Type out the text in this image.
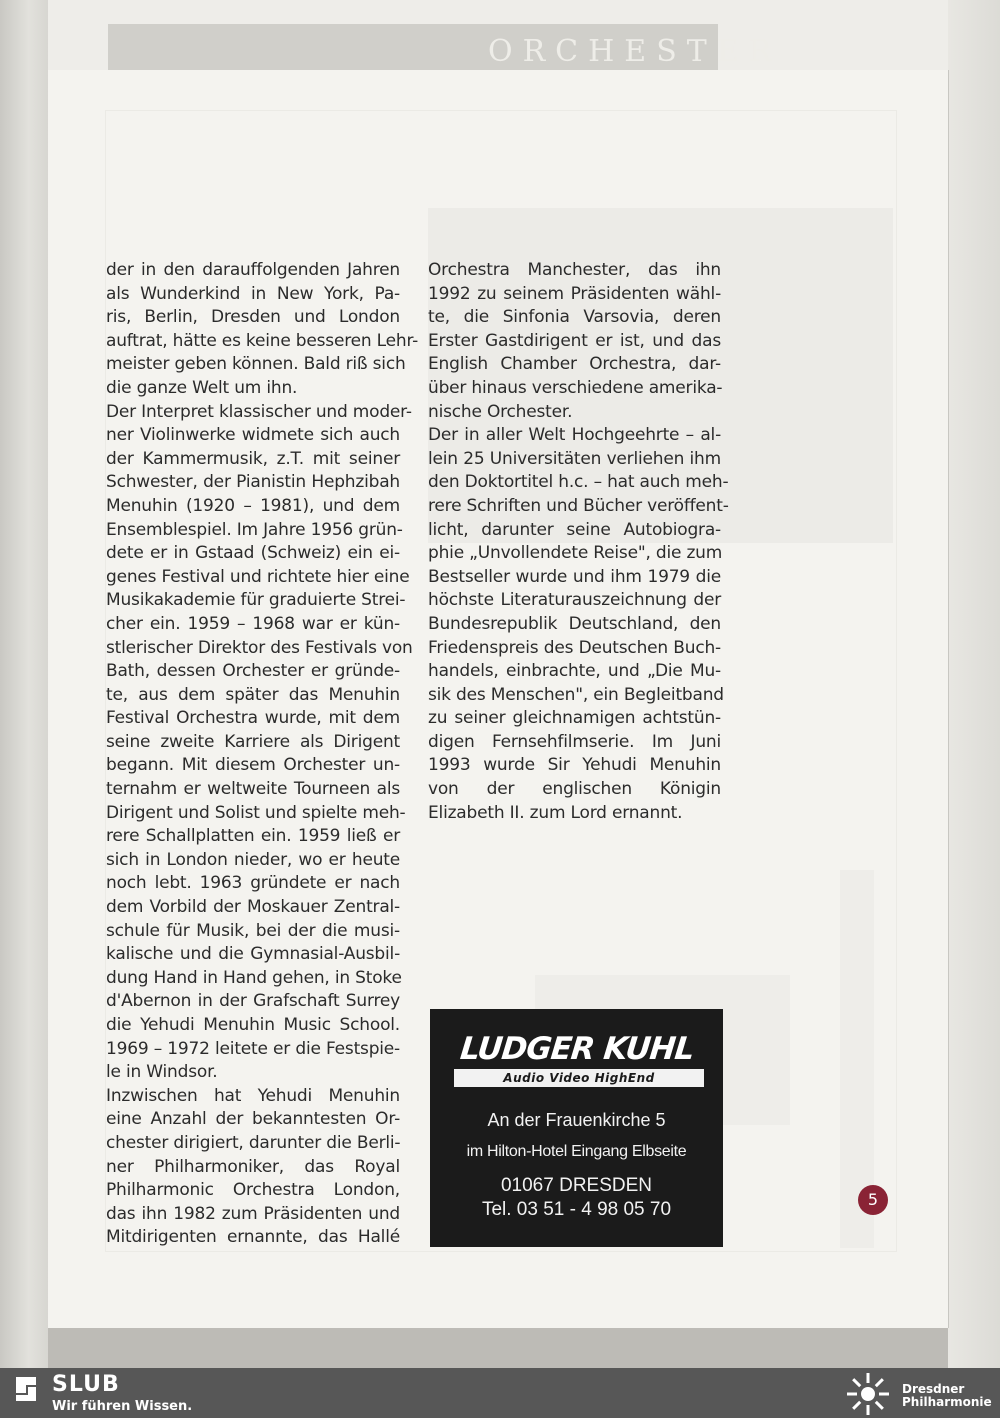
ORCHESTER
der in den darauffolgenden Jahren
als Wunderkind in New York, Pa-
ris, Berlin, Dresden und London
auftrat, hätte es keine besseren Lehr-
meister geben können. Bald riß sich
die ganze Welt um ihn.
Der Interpret klassischer und moder-
ner Violinwerke widmete sich auch
der Kammermusik, z.T. mit seiner
Schwester, der Pianistin Hephzibah
Menuhin (1920 – 1981), und dem
Ensemblespiel. Im Jahre 1956 grün-
dete er in Gstaad (Schweiz) ein ei-
genes Festival und richtete hier eine
Musikakademie für graduierte Strei-
cher ein. 1959 – 1968 war er kün-
stlerischer Direktor des Festivals von
Bath, dessen Orchester er gründe-
te, aus dem später das Menuhin
Festival Orchestra wurde, mit dem
seine zweite Karriere als Dirigent
begann. Mit diesem Orchester un-
ternahm er weltweite Tourneen als
Dirigent und Solist und spielte meh-
rere Schallplatten ein. 1959 ließ er
sich in London nieder, wo er heute
noch lebt. 1963 gründete er nach
dem Vorbild der Moskauer Zentral-
schule für Musik, bei der die musi-
kalische und die Gymnasial-Ausbil-
dung Hand in Hand gehen, in Stoke
d'Abernon in der Grafschaft Surrey
die Yehudi Menuhin Music School.
1969 – 1972 leitete er die Festspie-
le in Windsor.
Inzwischen hat Yehudi Menuhin
eine Anzahl der bekanntesten Or-
chester dirigiert, darunter die Berli-
ner Philharmoniker, das Royal
Philharmonic Orchestra London,
das ihn 1982 zum Präsidenten und
Mitdirigenten ernannte, das Hallé
Orchestra Manchester, das ihn
1992 zu seinem Präsidenten wähl-
te, die Sinfonia Varsovia, deren
Erster Gastdirigent er ist, und das
English Chamber Orchestra, dar-
über hinaus verschiedene amerika-
nische Orchester.
Der in aller Welt Hochgeehrte – al-
lein 25 Universitäten verliehen ihm
den Doktortitel h.c. – hat auch meh-
rere Schriften und Bücher veröffent-
licht, darunter seine Autobiogra-
phie „Unvollendete Reise", die zum
Bestseller wurde und ihm 1979 die
höchste Literaturauszeichnung der
Bundesrepublik Deutschland, den
Friedenspreis des Deutschen Buch-
handels, einbrachte, und „Die Mu-
sik des Menschen", ein Begleitband
zu seiner gleichnamigen achtstün-
digen Fernsehfilmserie. Im Juni
1993 wurde Sir Yehudi Menuhin
von der englischen Königin
Elizabeth II. zum Lord ernannt.
LUDGER KUHL
Audio Video HighEnd
An der Frauenkirche 5
im Hilton-Hotel Eingang Elbseite
01067 DRESDEN
Tel. 03 51 - 4 98 05 70	5
SLUB
Wir führen Wissen.
Dresdner
Philharmonie
